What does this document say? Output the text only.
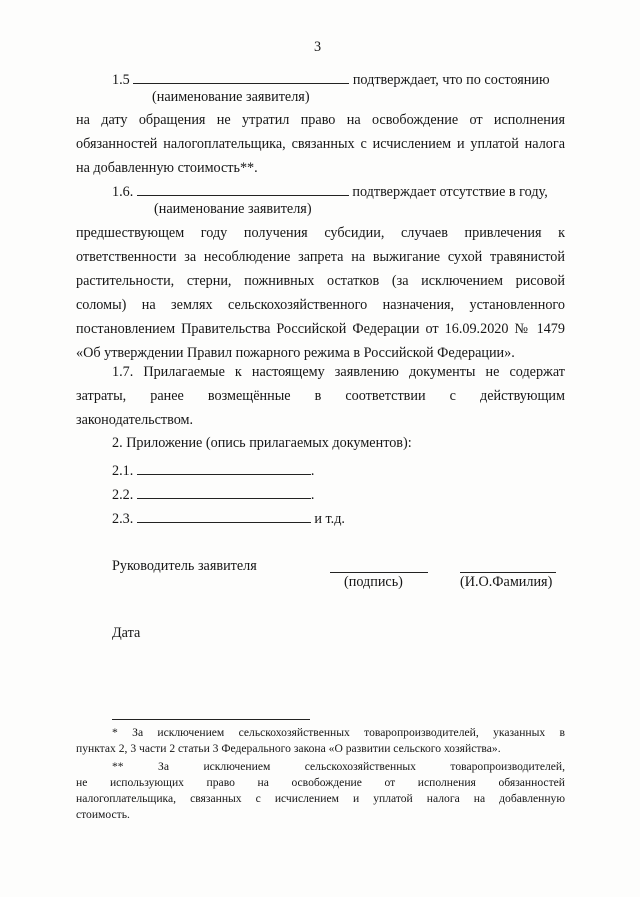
3
1.5	подтверждает, что по состоянию
(наименование заявителя)
на дату обращения не утратил право на освобождение от исполнения
обязанностей налогоплательщика, связанных с исчислением и уплатой налога
на добавленную стоимость**.
1.6.	подтверждает отсутствие в году,
(наименование заявителя)
предшествующем году получения субсидии, случаев привлечения к
ответственности за несоблюдение запрета на выжигание сухой травянистой
растительности, стерни, пожнивных остатков (за исключением рисовой
соломы) на землях сельскохозяйственного назначения, установленного
постановлением Правительства Российской Федерации от 16.09.2020 № 1479
«Об утверждении Правил пожарного режима в Российской Федерации».
1.7. Прилагаемые к настоящему заявлению документы не содержат
затраты, ранее возмещённые в соответствии с действующим
законодательством.
2. Приложение (опись прилагаемых документов):
2.1.	.
2.2.	.
2.3.	и т.д.
Руководитель заявителя
(подпись)	(И.О.Фамилия)
Дата
* За исключением сельскохозяйственных товаропроизводителей, указанных в
пунктах 2, 3 части 2 статьи 3 Федерального закона «О развитии сельского хозяйства».
** За исключением сельскохозяйственных товаропроизводителей,
не использующих право на освобождение от исполнения обязанностей
налогоплательщика, связанных с исчислением и уплатой налога на добавленную
стоимость.
